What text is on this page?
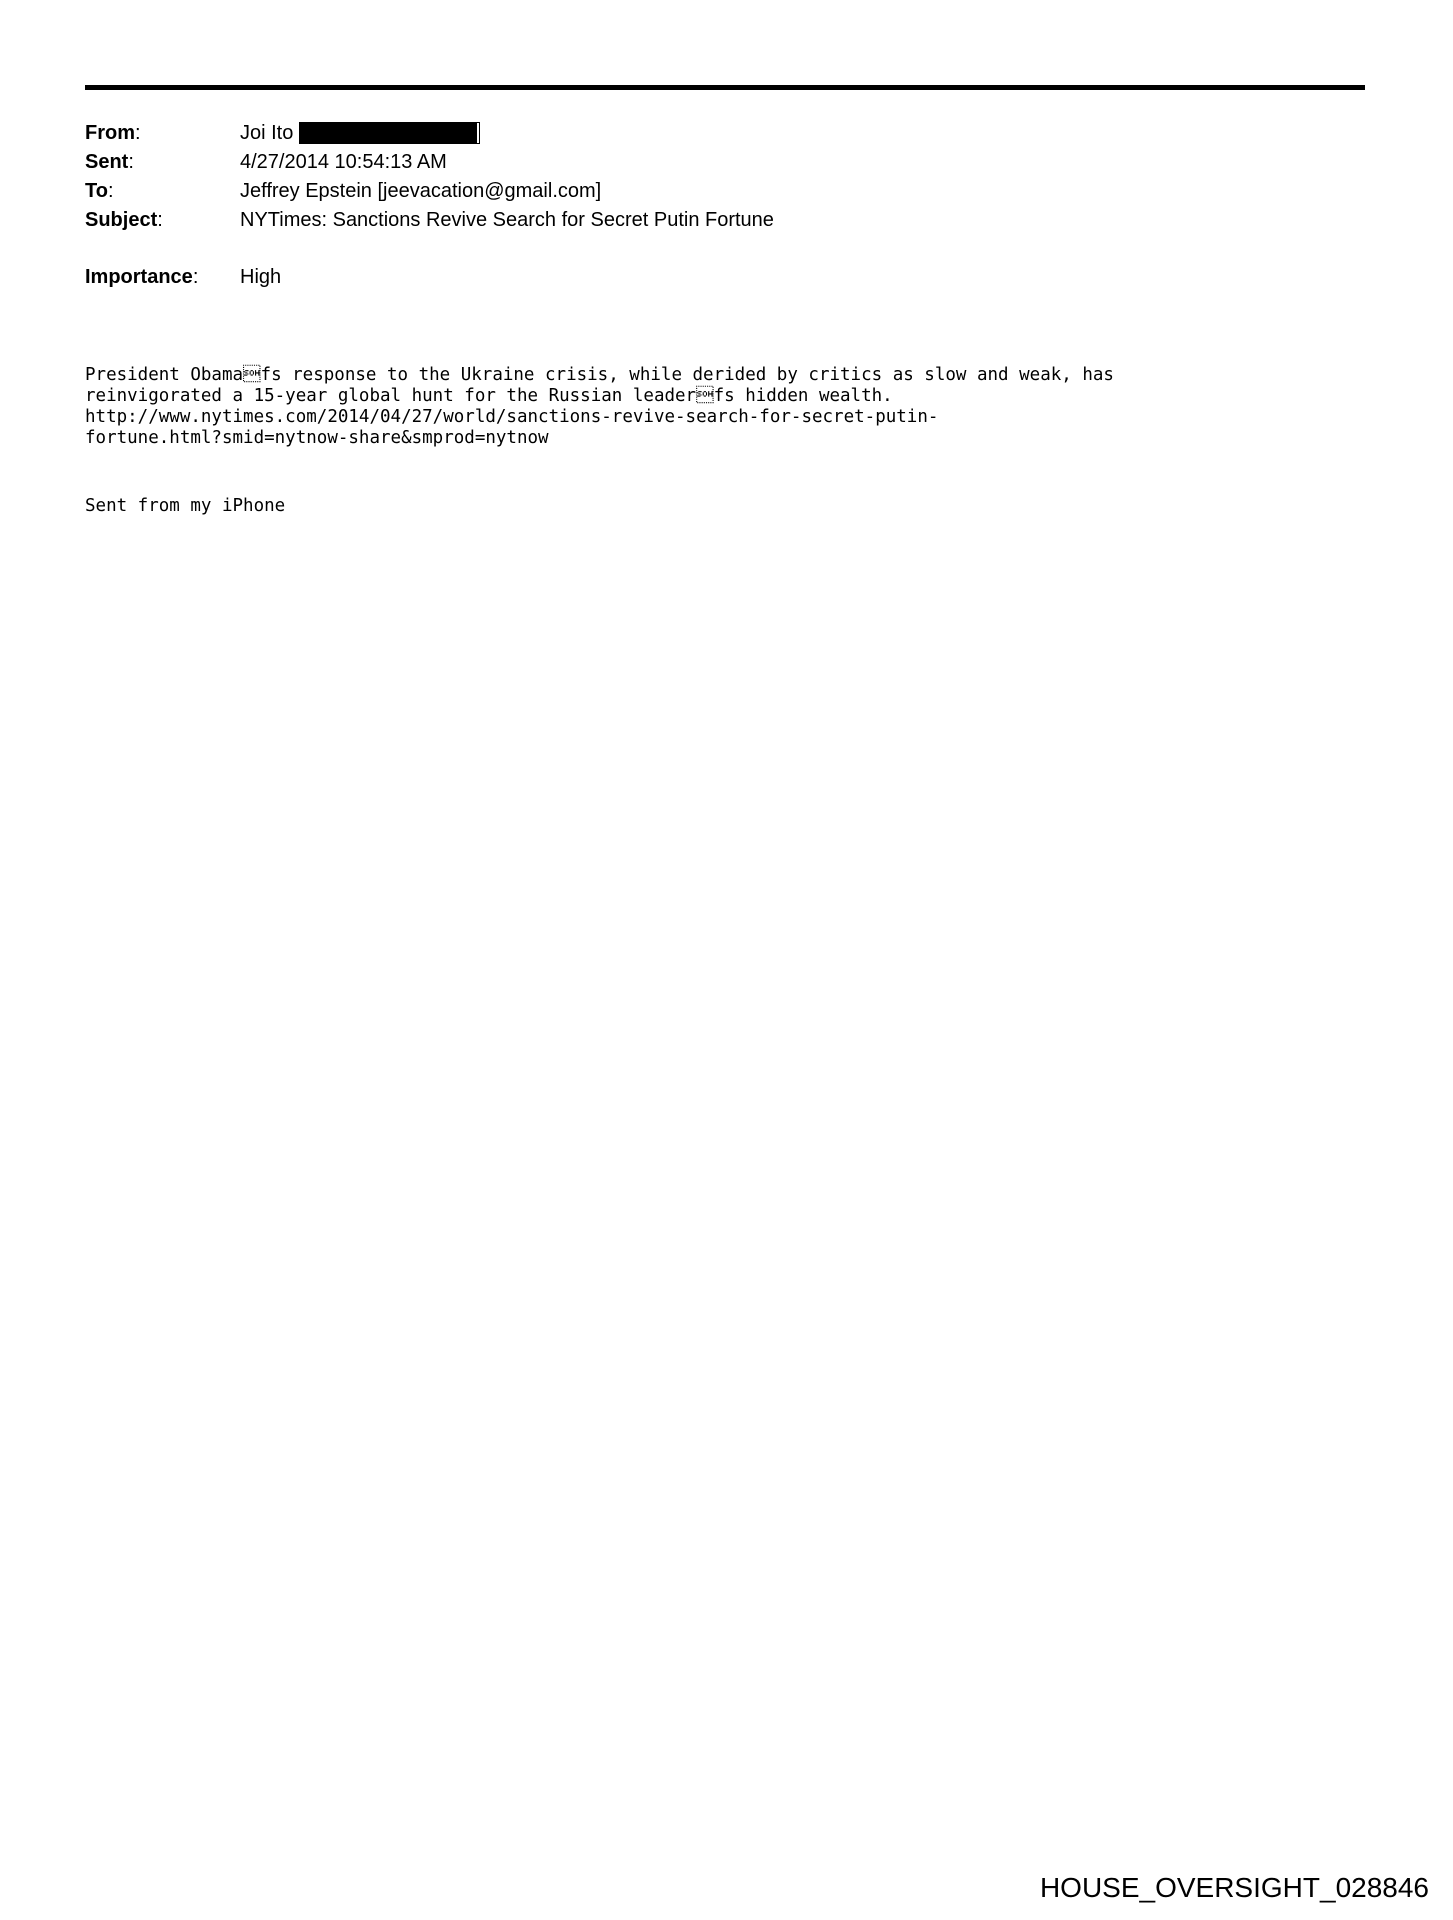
From:	Joi Ito
Sent:	4/27/2014 10:54:13 AM
To:	Jeffrey Epstein [jeevacation@gmail.com]
Subject:	NYTimes: Sanctions Revive Search for Secret Putin Fortune
Importance: High
President Obamafs response to the Ukraine crisis, while derided by critics as slow and weak, has
reinvigorated a 15-year global hunt for the Russian leaderfs hidden wealth.
http://www.nytimes.com/2014/04/27/world/sanctions-revive-search-for-secret-putin-
fortune.html?smid=nytnow-share&smprod=nytnow
Sent from my iPhone
HOUSE_OVERSIGHT_028846
